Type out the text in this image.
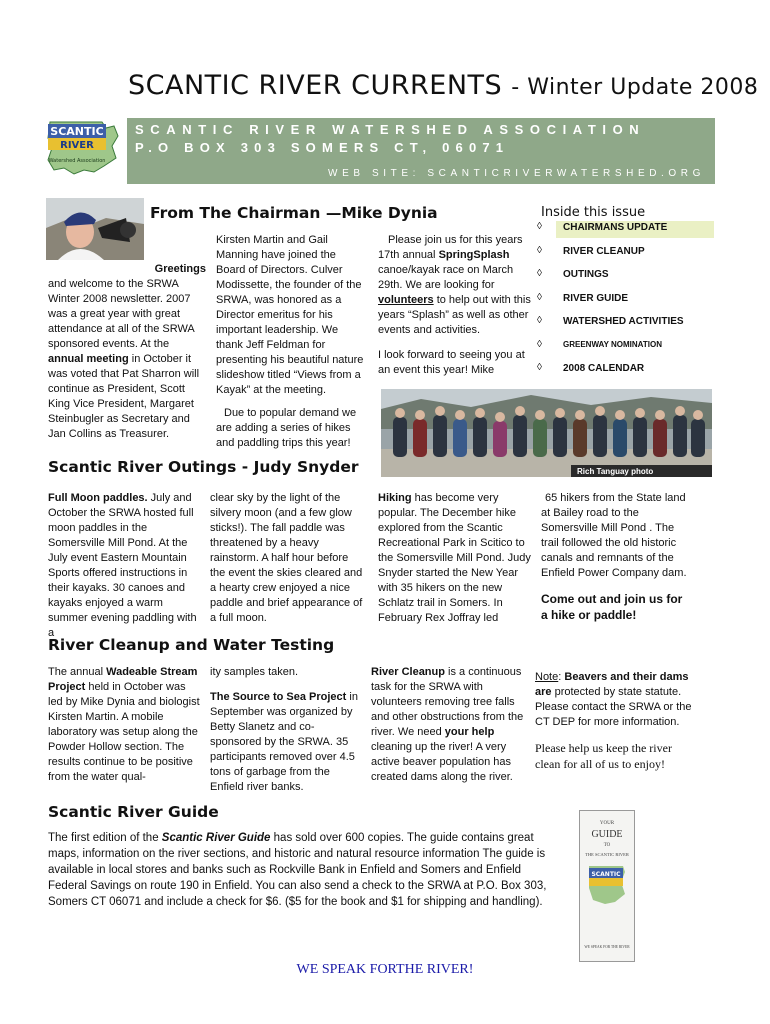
SCANTIC RIVER CURRENTS - Winter Update 2008
SCANTIC
RIVER
Watershed Association
SCANTIC RIVER WATERSHED ASSOCIATION
P.O BOX 303 SOMERS CT, 06071
WEB SITE: SCANTICRIVERWATERSHED.ORG
From The Chairman —Mike Dynia

Greetings
and welcome to the SRWA Winter 2008 newsletter. 2007 was a great year with great attendance at all of the SRWA sponsored events. At the annual meeting in October it was voted that Pat Sharron will continue as President, Scott King Vice President, Margaret Steinbugler as Secretary and Jan Collins as Treasurer.

Kirsten Martin and Gail Manning have joined the Board of Directors. Culver Modissette, the founder of the SRWA, was honored as a Director emeritus for his important leadership. We thank Jeff Feldman for presenting his beautiful nature slideshow titled “Views from a Kayak” at the meeting.

Due to popular demand we are adding a series of hikes and paddling trips this year!

Please join us for this years 17th annual SpringSplash canoe/kayak race on March 29th. We are looking for volunteers to help out with this years “Splash” as well as other events and activities.

I look forward to seeing you at an event this year! Mike

Inside this issue
◊	CHAIRMANS UPDATE
◊	RIVER CLEANUP
◊	OUTINGS
◊	RIVER GUIDE
◊	WATERSHED ACTIVITIES
◊	GREENWAY NOMINATION
◊	2008 CALENDAR
Rich Tanguay photo
Scantic River Outings - Judy Snyder

Full Moon paddles. July and October the SRWA hosted full moon paddles in the Somersville Mill Pond. At the July event Eastern Mountain Sports offered instructions in their kayaks. 30 canoes and kayaks enjoyed a warm summer evening paddling with a

clear sky by the light of the silvery moon (and a few glow sticks!). The fall paddle was threatened by a heavy rainstorm. A half hour before the event the skies cleared and a hearty crew enjoyed a nice paddle and brief appearance of a full moon.

Hiking has become very popular. The December hike explored from the Scantic Recreational Park in Scitico to the Somersville Mill Pond. Judy Snyder started the New Year with 35 hikers on the new Schlatz trail in Somers. In February Rex Joffray led

65 hikers from the State land at Bailey road to the Somersville Mill Pond . The trail followed the old historic canals and remnants of the Enfield Power Company dam.

Come out and join us for a hike or paddle!

River Cleanup and Water Testing

The annual Wadeable Stream Project held in October was led by Mike Dynia and biologist Kirsten Martin. A mobile laboratory was setup along the Powder Hollow section. The results continue to be positive from the water qual-

ity samples taken.

The Source to Sea Project in September was organized by Betty Slanetz and co-sponsored by the SRWA. 35 participants removed over 4.5 tons of garbage from the Enfield river banks.

River Cleanup is a continuous task for the SRWA with volunteers removing tree falls and other obstructions from the river. We need your help cleaning up the river! A very active beaver population has created dams along the river.

Note: Beavers and their dams are protected by state statute. Please contact the SRWA or the CT DEP for more information.

Please help us keep the river clean for all of us to enjoy!

Scantic River Guide

The first edition of the Scantic River Guide has sold over 600 copies. The guide contains great maps, information on the river sections, and historic and natural resource information The guide is available in local stores and banks such as Rockville Bank in Enfield and Somers and Enfield Federal Savings on route 190 in Enfield. You can also send a check to the SRWA at P.O. Box 303, Somers CT 06071 and include a check for $6. ($5 for the book and $1 for shipping and handling).

YOUR
GUIDE
TO
THE SCANTIC RIVER
SCANTIC
WE SPEAK FOR THE RIVER
WE SPEAK FORTHE RIVER!
